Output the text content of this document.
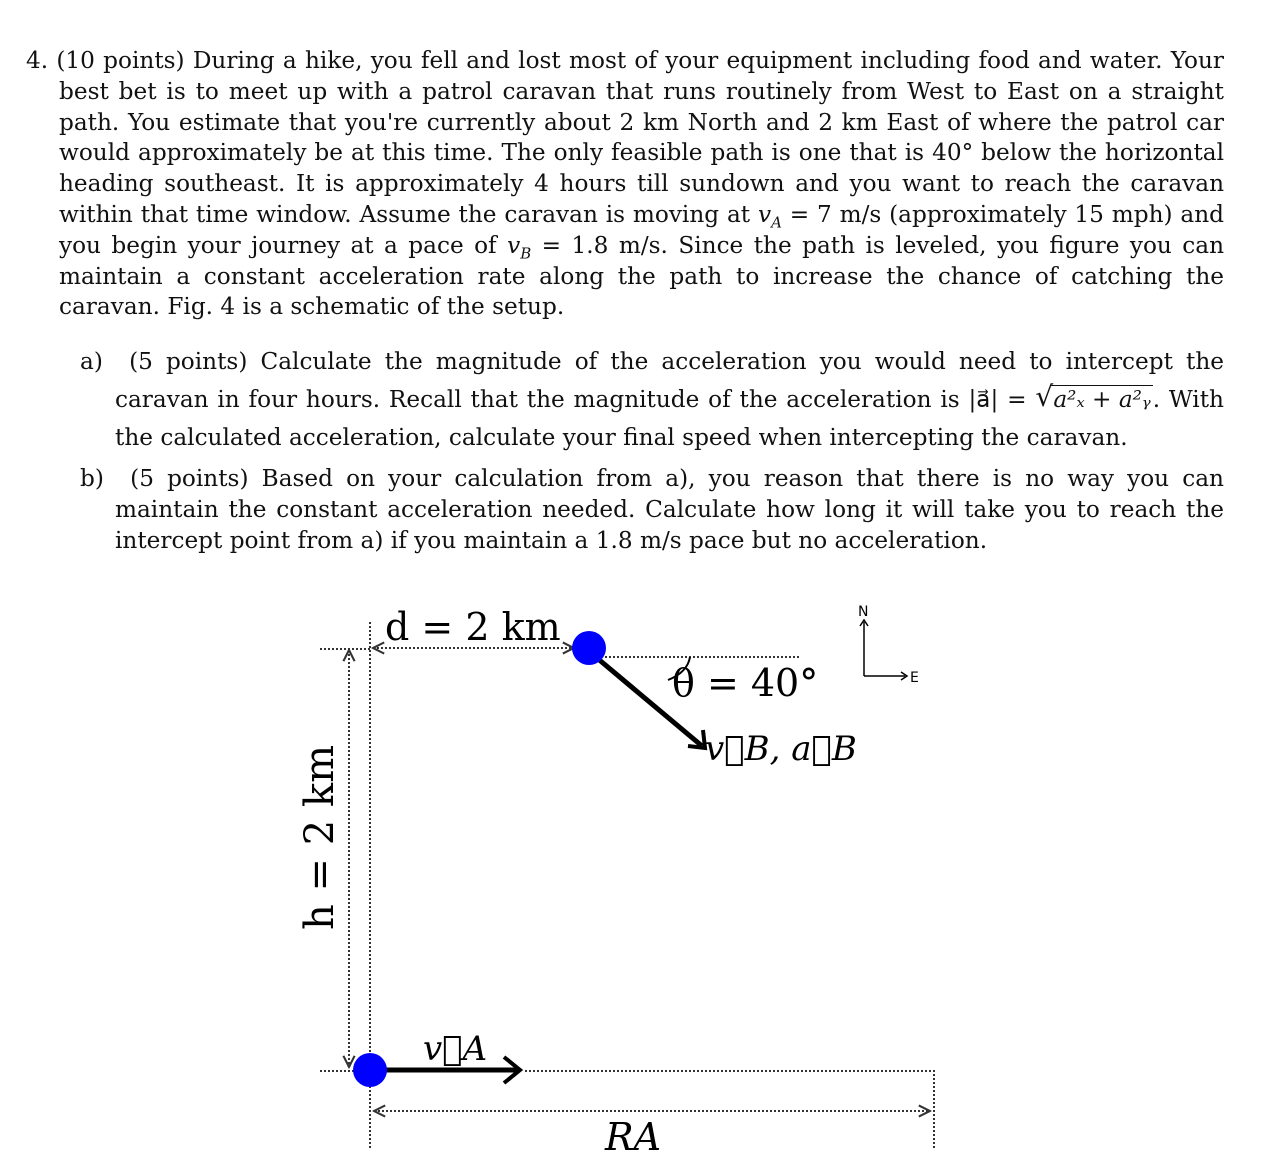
4. (10 points) During a hike, you fell and lost most of your equipment including food and water. Your best bet is to meet up with a patrol caravan that runs routinely from West to East on a straight path. You estimate that you're currently about 2 km North and 2 km East of where the patrol car would approximately be at this time. The only feasible path is one that is 40° below the horizontal heading southeast. It is approximately 4 hours till sundown and you want to reach the caravan within that time window. Assume the caravan is moving at $v_A = 7$ m/s (approximately 15 mph) and you begin your journey at a pace of $v_B = 1.8$ m/s. Since the path is leveled, you figure you can maintain a constant acceleration rate along the path to increase the chance of catching the caravan. Fig. 4 is a schematic of the setup.

a) (5 points) Calculate the magnitude of the acceleration you would need to intercept the caravan in four hours. Recall that the magnitude of the acceleration is |a⃗| = √ a²ₓ + a²ᵧ. With the calculated acceleration, calculate your final speed when intercepting the caravan.

b) (5 points) Based on your calculation from a), you reason that there is no way you can maintain the constant acceleration needed. Calculate how long it will take you to reach the intercept point from a) if you maintain a 1.8 m/s pace but no acceleration.

d = 2 km
θ = 40°
v⃗B, a⃗B
h = 2 km
v⃗A
RA
N
E
